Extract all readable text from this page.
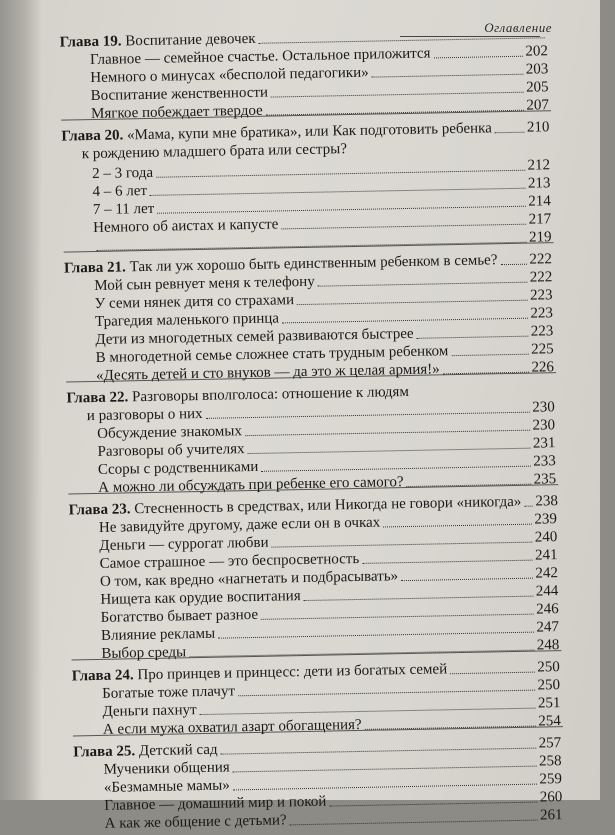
Оглавление
Глава 19. Воспитание девочек
Главное — семейное счастье. Остальное приложится	202
Немного о минусах «бесполой педагогики»	203
Воспитание женственности	205
Мягкое побеждает твердое	207
Глава 20. «Мама, купи мне братика», или Как подготовить ребенка 210
к рождению младшего брата или сестры?
2 – 3 года	212
4 – 6 лет	213
7 – 11 лет	214
Немного об аистах и капусте	217
219
Глава 21. Так ли уж хорошо быть единственным ребенком в семье? 222
Мой сын ревнует меня к телефону	222
У семи нянек дитя со страхами	223
Трагедия маленького принца	223
Дети из многодетных семей развиваются быстрее	223
В многодетной семье сложнее стать трудным ребенком	225
«Десять детей и сто внуков — да это ж целая армия!»	226
Глава 22. Разговоры вполголоса: отношение к людям
и разговоры о них	230
Обсуждение знакомых	230
Разговоры об учителях	231
Ссоры с родственниками	233
А можно ли обсуждать при ребенке его самого?	235
Глава 23. Стесненность в средствах, или Никогда не говори «никогда» 238
Не завидуйте другому, даже если он в очках	239
Деньги — суррогат любви	240
Самое страшное — это беспросветность	241
О том, как вредно «нагнетать и подбрасывать»	242
Нищета как орудие воспитания	244
Богатство бывает разное	246
Влияние рекламы	247
Выбор среды	248
Глава 24. Про принцев и принцесс: дети из богатых семей	250
Богатые тоже плачут	250
Деньги пахнут	251
А если мужа охватил азарт обогащения?	254
Глава 25. Детский сад	257
Мученики общения	258
«Безмамные мамы»	259
Главное — домашний мир и покой	260
А как же общение с детьми?	261
